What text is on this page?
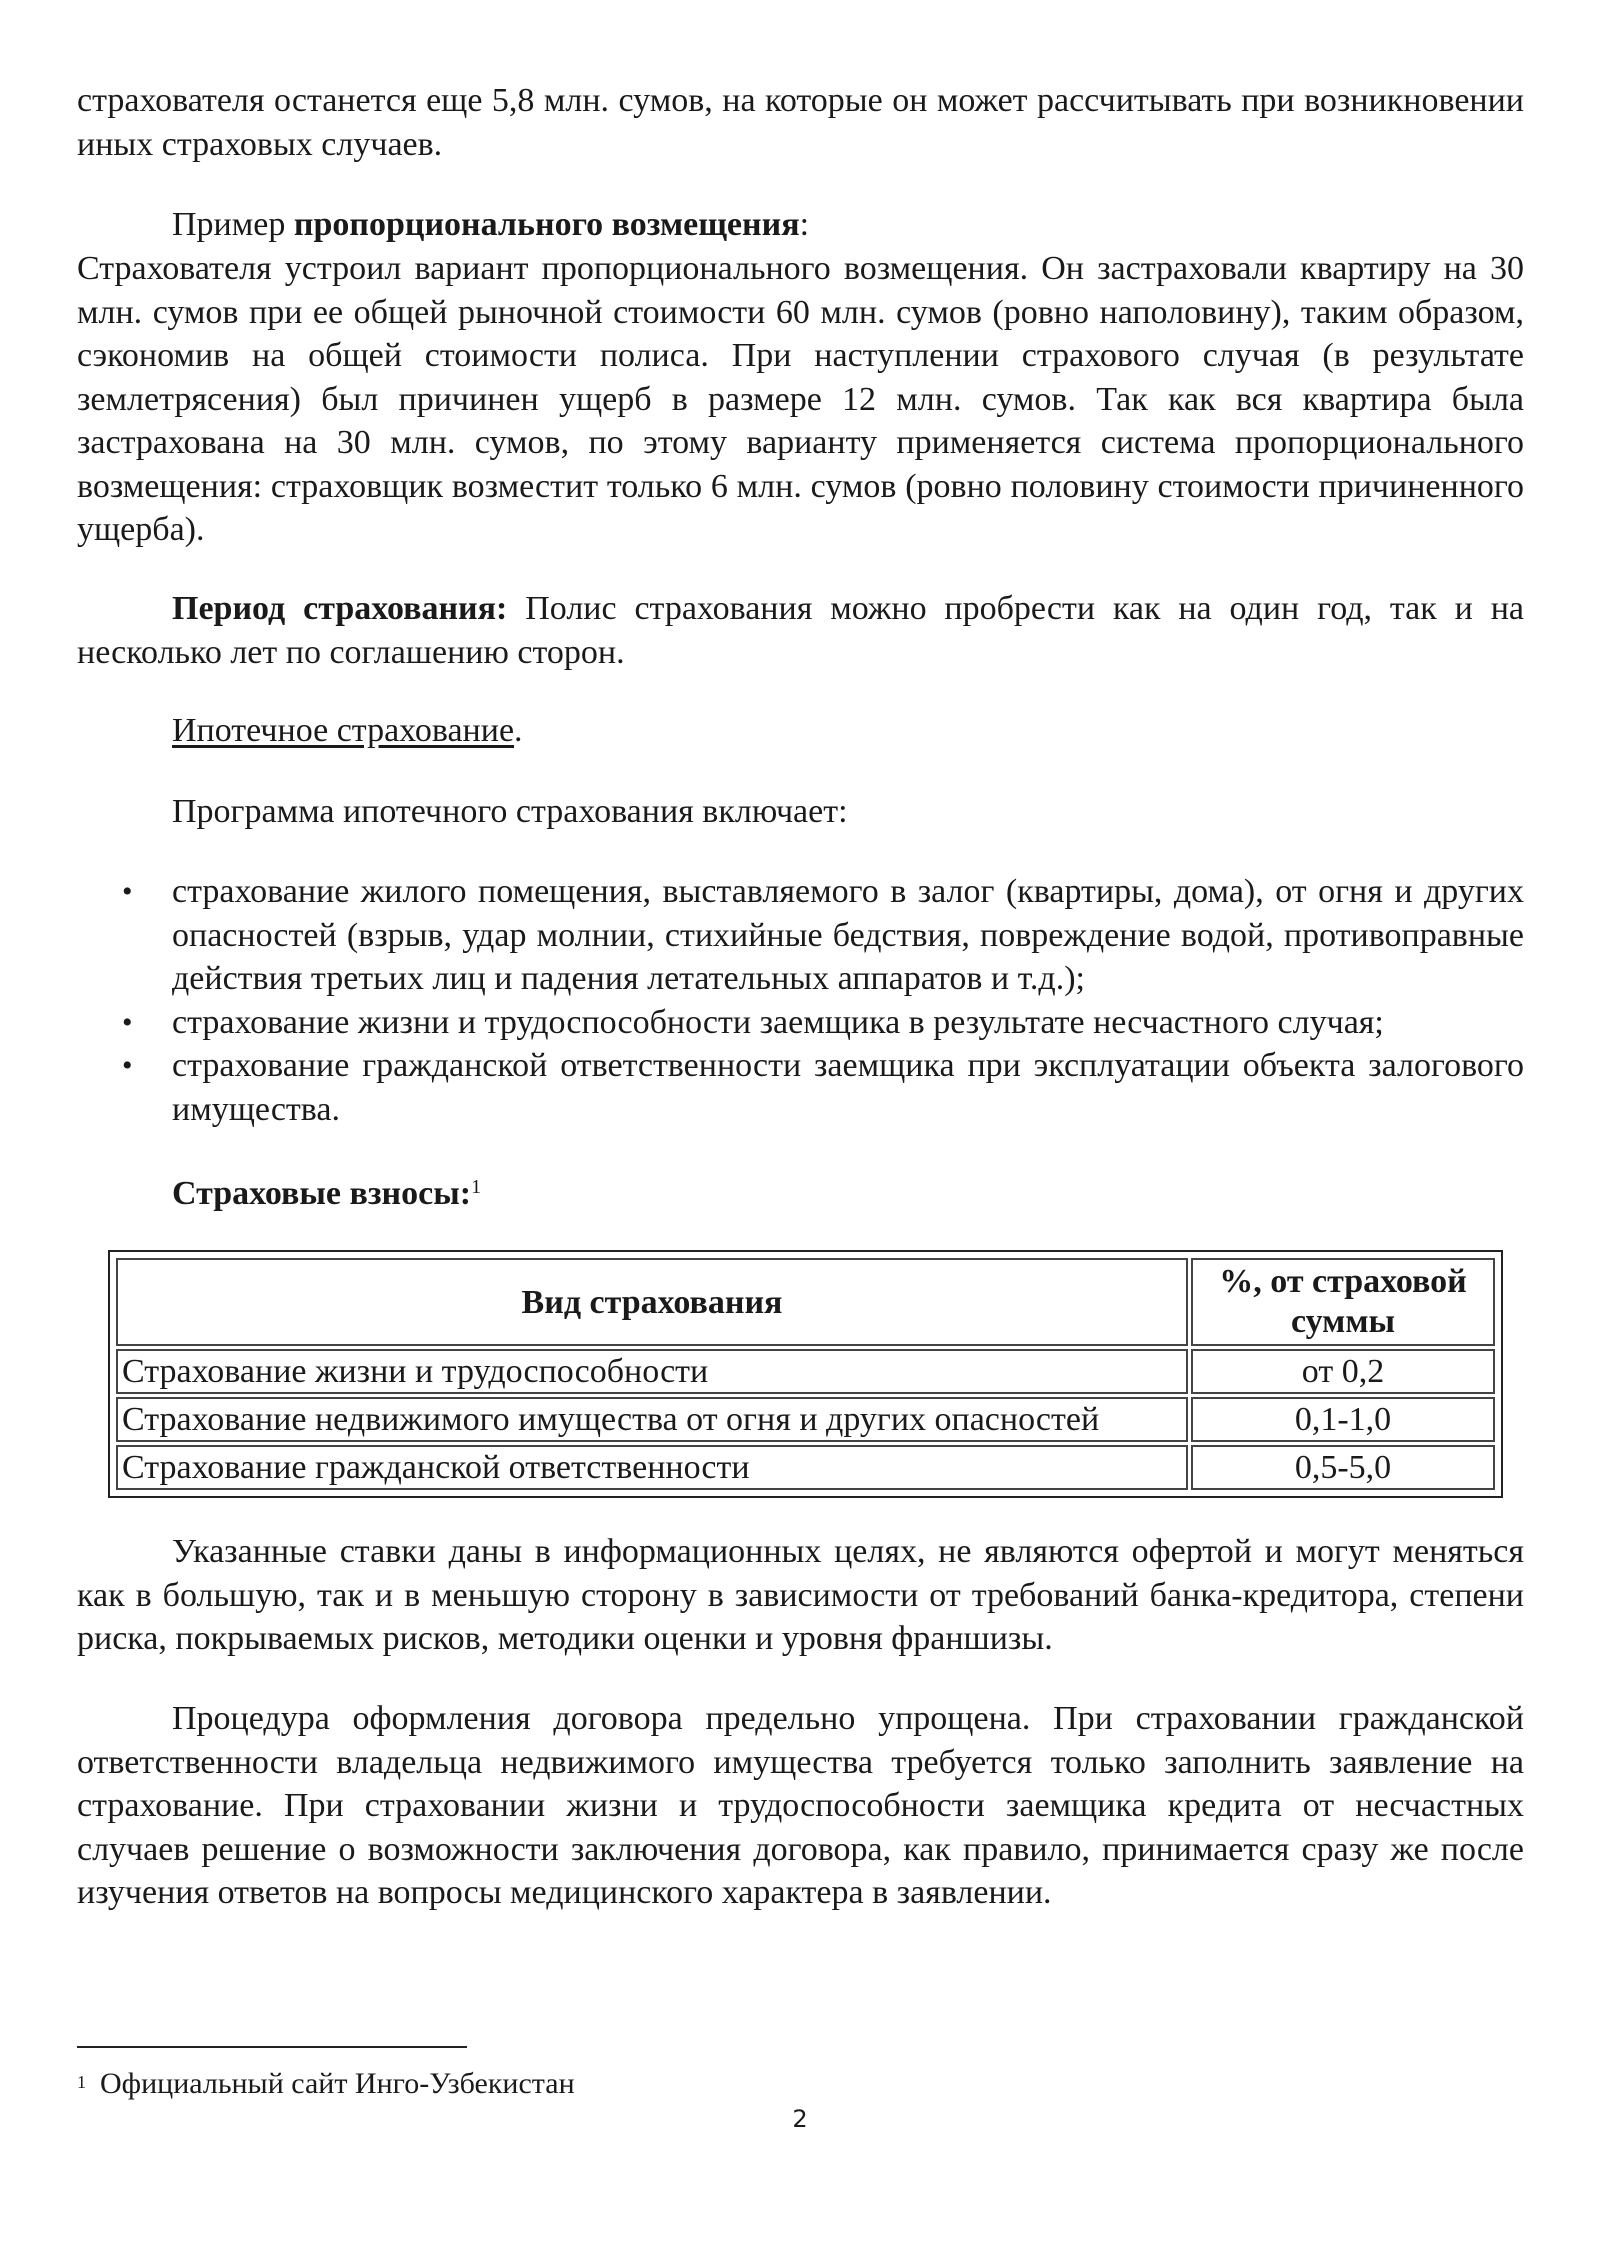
страхователя останется еще 5,8 млн. сумов, на которые он может рассчитывать при возникновении иных страховых случаев.
Пример пропорционального возмещения:
Страхователя устроил вариант пропорционального возмещения. Он застраховали квартиру на 30 млн. сумов при ее общей рыночной стоимости 60 млн. сумов (ровно наполовину), таким образом, сэкономив на общей стоимости полиса. При наступлении страхового случая (в результате землетрясения) был причинен ущерб в размере 12 млн. сумов. Так как вся квартира была застрахована на 30 млн. сумов, по этому варианту применяется система пропорционального возмещения: страховщик возместит только 6 млн. сумов (ровно половину стоимости причиненного ущерба).
Период страхования: Полис страхования можно пробрести как на один год, так и на несколько лет по соглашению сторон.
Ипотечное страхование.
Программа ипотечного страхования включает:
• страхование жилого помещения, выставляемого в залог (квартиры, дома), от огня и других опасностей (взрыв, удар молнии, стихийные бедствия, повреждение водой, противоправные действия третьих лиц и падения летательных аппаратов и т.д.);
• страхование жизни и трудоспособности заемщика в результате несчастного случая;
• страхование гражданской ответственности заемщика при эксплуатации объекта залогового имущества.
Страховые взносы:$^1$
Вид страхования	%, от страховой
суммы
Страхование жизни и трудоспособности	от 0,2
Страхование недвижимого имущества от огня и других опасностей	0,1-1,0
Страхование гражданской ответственности	0,5-5,0
Указанные ставки даны в информационных целях, не являются офертой и могут меняться как в большую, так и в меньшую сторону в зависимости от требований банка-кредитора, степени риска, покрываемых рисков, методики оценки и уровня франшизы.
Процедура оформления договора предельно упрощена. При страховании гражданской ответственности владельца недвижимого имущества требуется только заполнить заявление на страхование. При страховании жизни и трудоспособности заемщика кредита от несчастных случаев решение о возможности заключения договора, как правило, принимается сразу же после изучения ответов на вопросы медицинского характера в заявлении.
$^1$ Официальный сайт Инго-Узбекистан
2
